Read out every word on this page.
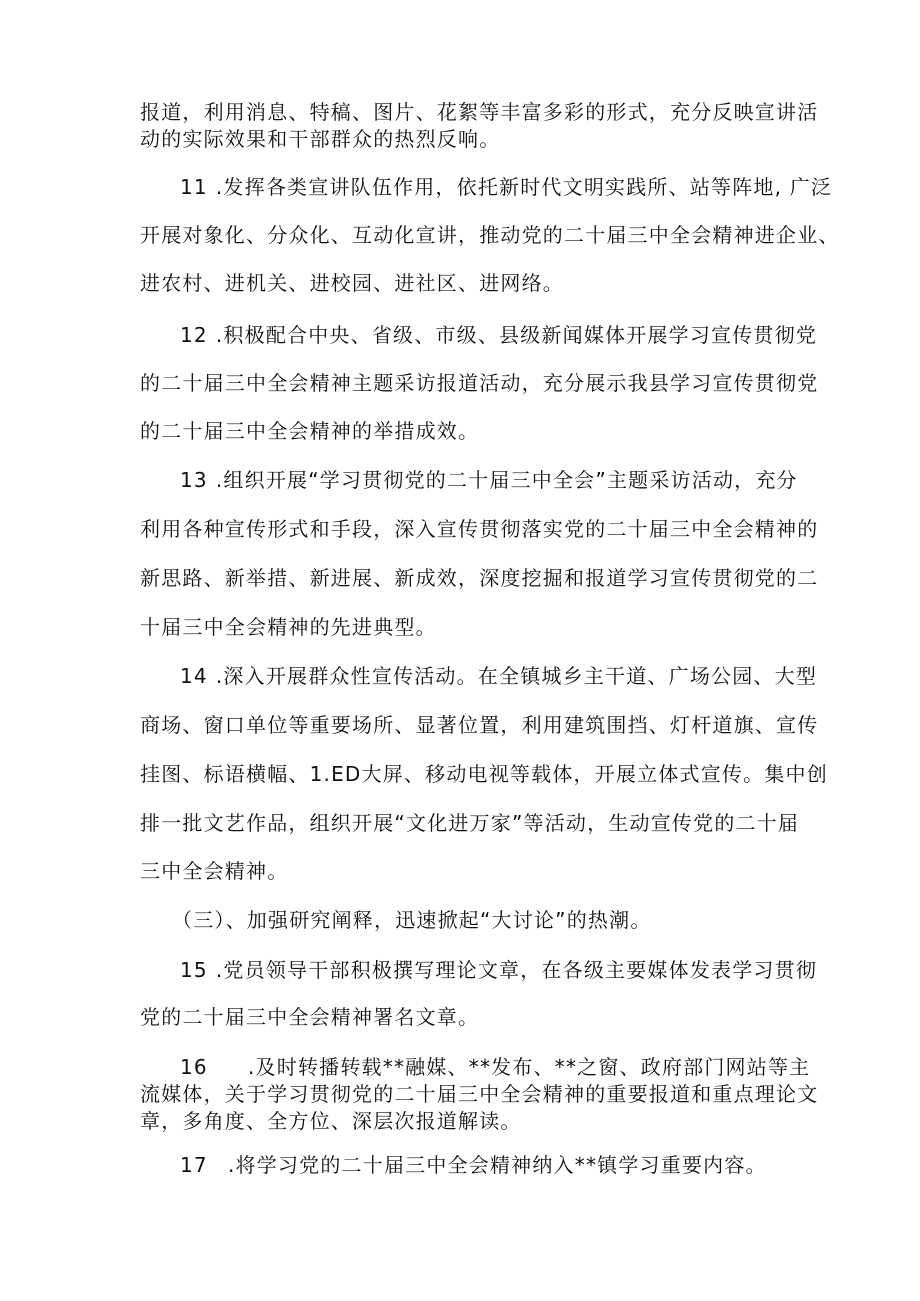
报道，利用消息、特稿、图片、花絮等丰富多彩的形式，充分反映宣讲活
动的实际效果和干部群众的热烈反响。
11 .发挥各类宣讲队伍作用，依托新时代文明实践所、站等阵地, 广泛
开展对象化、分众化、互动化宣讲，推动党的二十届三中全会精神进企业、
进农村、进机关、进校园、进社区、进网络。
12 .积极配合中央、省级、市级、县级新闻媒体开展学习宣传贯彻党
的二十届三中全会精神主题采访报道活动，充分展示我县学习宣传贯彻党
的二十届三中全会精神的举措成效。
13 .组织开展“学习贯彻党的二十届三中全会”主题采访活动，充分
利用各种宣传形式和手段，深入宣传贯彻落实党的二十届三中全会精神的
新思路、新举措、新进展、新成效，深度挖掘和报道学习宣传贯彻党的二
十届三中全会精神的先进典型。
14 .深入开展群众性宣传活动。在全镇城乡主干道、广场公园、大型
商场、窗口单位等重要场所、显著位置，利用建筑围挡、灯杆道旗、宣传
挂图、标语横幅、1.ED大屏、移动电视等载体，开展立体式宣传。集中创
排一批文艺作品，组织开展“文化进万家”等活动，生动宣传党的二十届
三中全会精神。
（三）、加强研究阐释，迅速掀起“大讨论”的热潮。
15 .党员领导干部积极撰写理论文章，在各级主要媒体发表学习贯彻
党的二十届三中全会精神署名文章。
16 .及时转播转载**融媒、**发布、**之窗、政府部门网站等主
流媒体，关于学习贯彻党的二十届三中全会精神的重要报道和重点理论文
章，多角度、全方位、深层次报道解读。
17 .将学习党的二十届三中全会精神纳入**镇学习重要内容。
